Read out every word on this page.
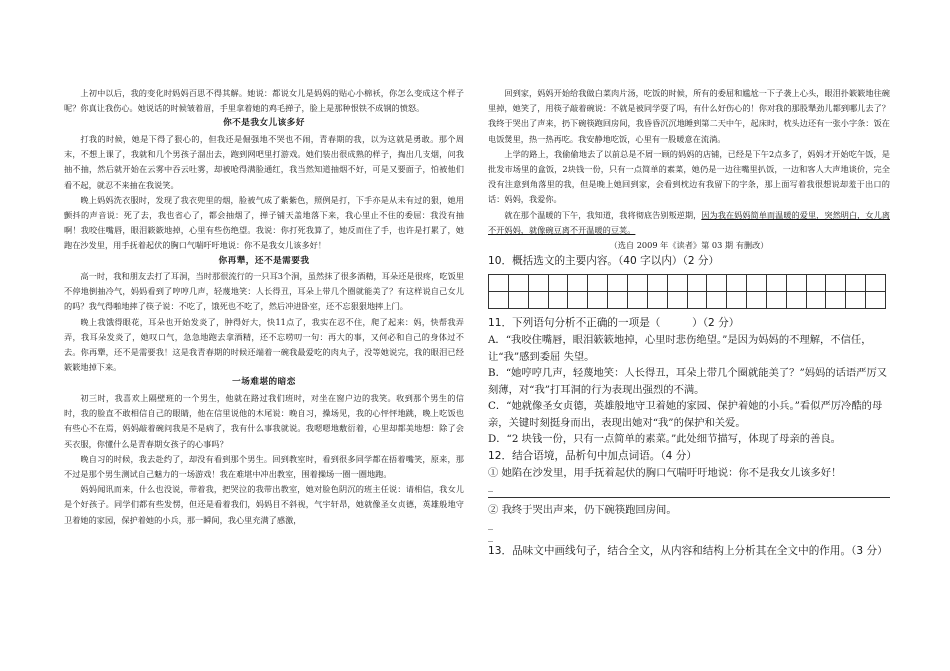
上初中以后，我的变化时妈妈百思不得其解。她说：都说女儿是妈妈的贴心小棉袄，你怎么变成这个样子呢？你真让我伤心。她说话的时候皱着眉，手里拿着她的鸡毛掸子，脸上是那种恨铁不成钢的愤怒。

你不是我女儿该多好

打我的时候，她是下得了狠心的，但我还是倔强地不哭也不闹，青春期的我，以为这就是勇敢。那个周末，不想上课了，我就和几个男孩子溜出去，跑到网吧里打游戏。她们装出很成熟的样子，掏出几支烟，问我抽不抽，然后就开始在云雾中吞云吐雾，却被呛得满脸通红，我当然知道抽烟不好，可是又要面子，怕被他们看不起，就忍不来抽在我说笑。

晚上妈妈洗衣服时，发现了我衣兜里的烟，脸被气成了紫紫色，照例是打，下手亦是从未有过的狠，她用颤抖的声音说：死了去，我也省心了，都会抽烟了，掸子铺天盖地落下来，我心里止不住的委屈：我没有抽啊！我咬住嘴唇，眼泪簌簌地掉，心里有些伤绝望。我说：你打死我算了，她反而住了手，也许是打累了，她跑在沙发里，用手抚着起伏的胸口气喘吁吁地说：你不是我女儿该多好！

你再犟，还不是需要我

高一时，我和朋友去打了耳洞，当时那很流行的一只耳3个洞，虽然抹了很多酒精，耳朵还是很疼，吃饭里不停地倒抽冷气，妈妈看到了哼哼几声，轻蔑地笑：人长得丑，耳朵上带几个圈就能美了？有这样说自己女儿的吗？我气得啪地摔了筷子说：不吃了，饿死也不吃了，然后冲进卧室，还不忘狠狠地摔上门。

晚上我饿得眼花，耳朵也开始发炎了，肿得好大，快11点了，我实在忍不住，爬了起来：妈，快帮我弄弄，我耳朵发炎了，她叹口气，急急地跑去拿酒精，还不忘唠叨一句：再大的事，又何必和自己的身体过不去。你再犟，还不是需要我！这是我青春期的时候还端着一碗我最爱吃的肉丸子，没等她说完，我的眼泪已经簌簌地掉下来。

一场难堪的暗恋

初三时，我喜欢上隔壁班的一个男生，他就在路过我们班时，对坐在窗户边的我笑。收到那个男生的信时，我的脸直不敢相信自己的眼睛，他在信里说他的木尾说：晚自习，操场见，我的心怦怦地跳，晚上吃饭也有些心不在焉，妈妈敲着碗问我是不是病了，我有什么事我就说。我嗯嗯地敷衍着，心里却都美地想：除了会买衣服，你懂什么是青春期女孩子的心事吗？

晚自习的时候，我去赴约了，却没有看到那个男生。回到教室时，看到很多同学都在捂着嘴笑，原来，那不过是那个男生测试自己魅力的一场游戏！我在难堪中冲出教室，围着操场一圈一圈地跑。

妈妈闻讯而来，什么也没说，带着我，把哭泣的我带出教室，她对脸色阴沉的班主任说：请相信，我女儿是个好孩子。同学们都有些发愣，但还是看着我们，妈妈目不斜视，气宇轩昂，她就像圣女贞德，英雄般地守卫着她的家园，保护着她的小兵，那一瞬间，我心里充满了感激，

回到家，妈妈开始给我做白菜肉片汤，吃饭的时候，所有的委屈和尴尬一下子袭上心头，眼泪扑簌簌地往碗里掉，她笑了，用筷子敲着碗说：不就是被同学耍了吗，有什么好伤心的！你对我的那股犟劲儿都到哪儿去了？我终于哭出了声来，扔下碗筷跑回房间，我昏昏沉沉地睡到第二天中午，起床时，枕头边还有一张小字条：饭在电饭煲里，热一热再吃。我安静地吃饭，心里有一股暖意在流淌。

上学的路上，我偷偷地去了以前总是不屑一顾的妈妈的店铺，已经是下午2点多了，妈妈才开始吃午饭，是批发市场里的盒饭，2块钱一份，只有一点简单的素菜，她仍是一边往嘴里扒饭，一边和客人大声地谈价，完全没有注意到角落里的我，但是晚上她回到家，会看到枕边有我留下的字条，那上面写着我很想说却羞于出口的话：妈妈，我爱你。

就在那个温暖的下午，我知道，我将彻底告别叛逆期，因为我在妈妈简单而温暖的爱里，突然明白，女儿离不开妈妈，就像碗豆离不开温暖的豆荚。

（选自 2009 年《读者》第 03 期 有删改）

10．概括选文的主要内容。（40 字以内）（2 分）

11．下列语句分析不正确的一项是（　　　）（2 分）

A．“我咬住嘴唇，眼泪簌簌地掉，心里时悲伤绝望。”是因为妈妈的不理解，不信任，让“我”感到委屈 失望。

B．“她哼哼几声，轻蔑地笑：人长得丑，耳朵上带几个圈就能美了？”妈妈的话语严厉又刻薄，对“我”打耳洞的行为表现出强烈的不满。

C．“她就像圣女贞德，英雄般地守卫着她的家园、保护着她的小兵。”看似严厉冷酷的母亲，关键时刻挺身而出，表现出她对“我”的保护和关爱。

D．“2 块钱一份，只有一点简单的素菜。”此处细节描写，体现了母亲的善良。

12．结合语境，品析句中加点词语。（4 分）

① 她陷在沙发里，用手抚着起伏的胸口气喘吁吁地说：你不是我女儿该多好！

_

② 我终于哭出声来，仍下碗筷跑回房间。

_

_

13．品味文中画线句子，结合全文，从内容和结构上分析其在全文中的作用。（3 分）
